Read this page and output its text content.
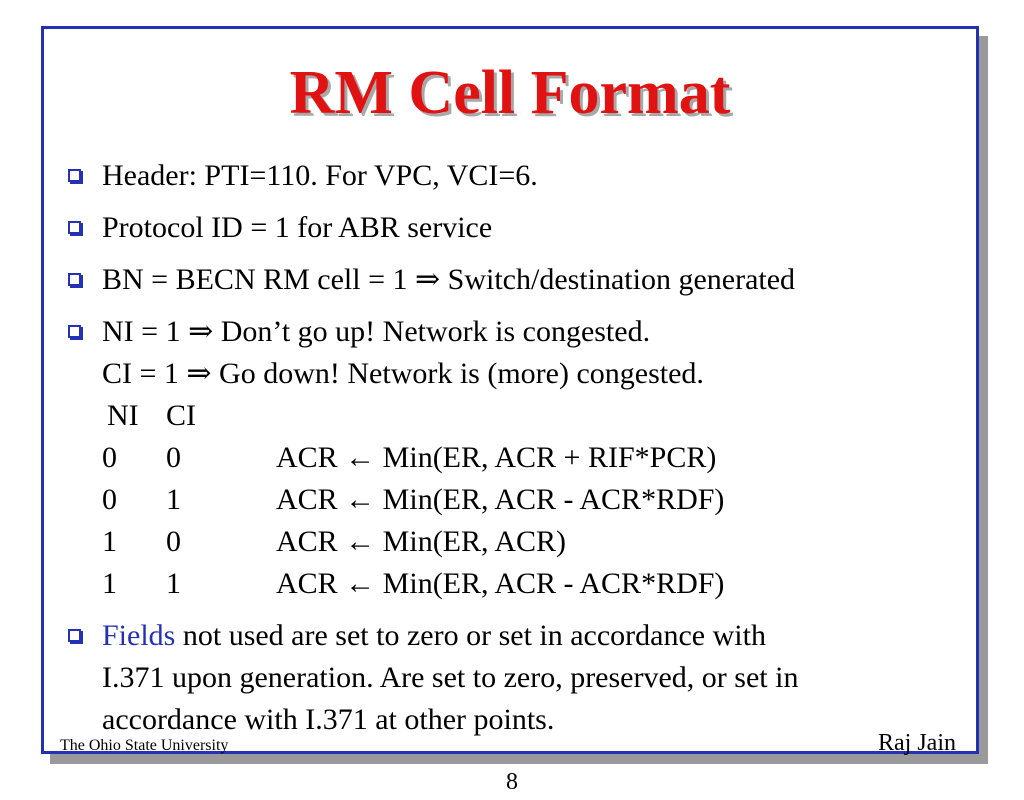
RM Cell Format
Header: PTI=110. For VPC, VCI=6.
Protocol ID = 1 for ABR service
BN = BECN RM cell = 1 ⇒ Switch/destination generated
NI = 1 ⇒ Don’t go up! Network is congested.
CI = 1 ⇒ Go down! Network is (more) congested.
NI CI
0 0	ACR ← Min(ER, ACR + RIF*PCR)
0 1	ACR ← Min(ER, ACR - ACR*RDF)
1 0	ACR ← Min(ER, ACR)
1 1	ACR ← Min(ER, ACR - ACR*RDF)
Fields not used are set to zero or set in accordance with
I.371 upon generation. Are set to zero, preserved, or set in
accordance with I.371 at other points.
The Ohio State University	Raj Jain
8
